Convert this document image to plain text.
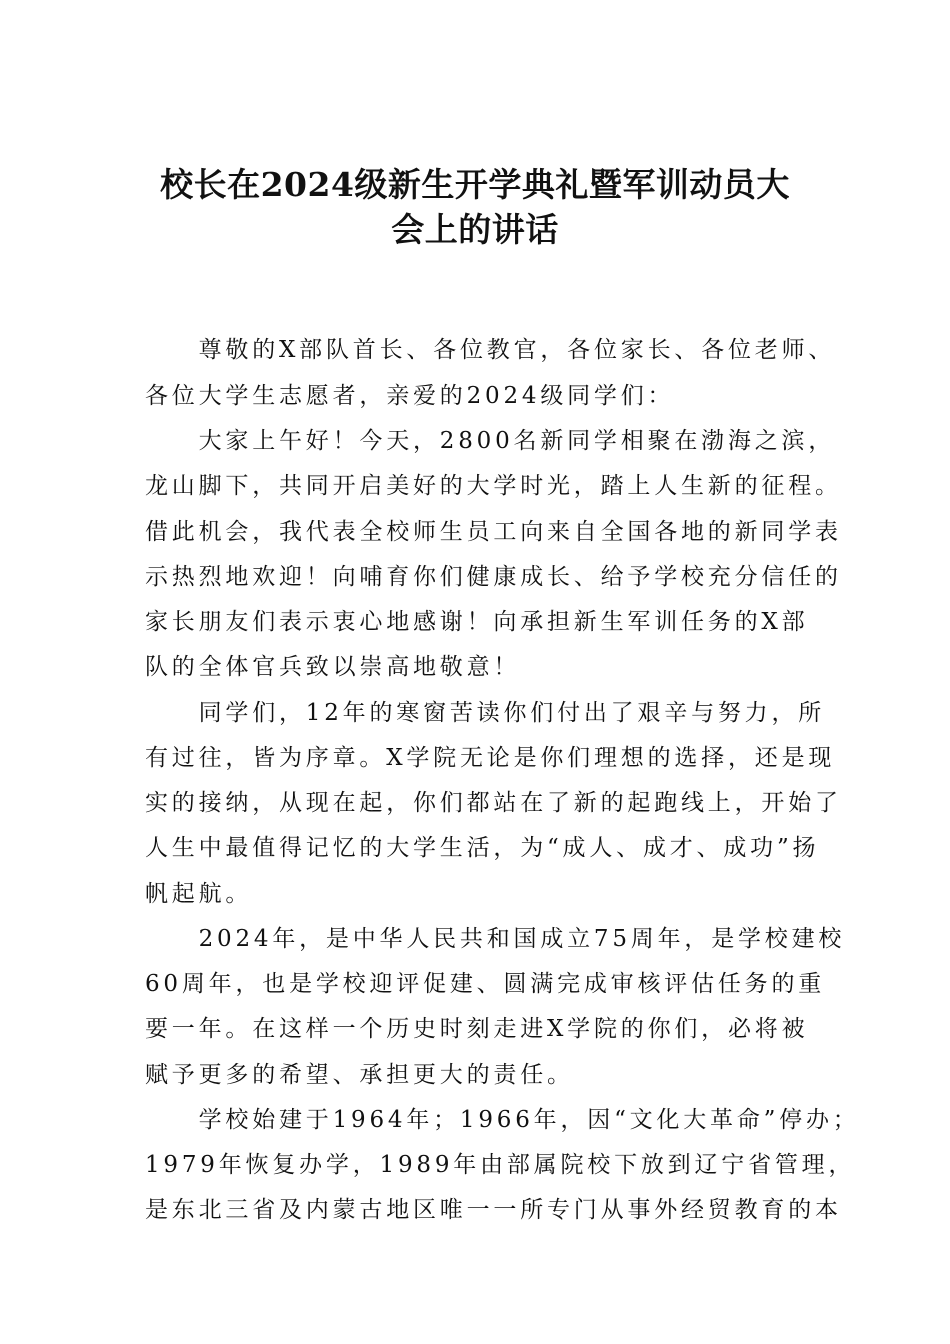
校长在2024级新生开学典礼暨军训动员大
会上的讲话
　　尊敬的X部队首长、各位教官，各位家长、各位老师、
各位大学生志愿者，亲爱的2024级同学们：
　　大家上午好！今天，2800名新同学相聚在渤海之滨，
龙山脚下，共同开启美好的大学时光，踏上人生新的征程。
借此机会，我代表全校师生员工向来自全国各地的新同学表
示热烈地欢迎！向哺育你们健康成长、给予学校充分信任的
家长朋友们表示衷心地感谢！向承担新生军训任务的X部
队的全体官兵致以崇高地敬意！
　　同学们，12年的寒窗苦读你们付出了艰辛与努力，所
有过往，皆为序章。X学院无论是你们理想的选择，还是现
实的接纳，从现在起，你们都站在了新的起跑线上，开始了
人生中最值得记忆的大学生活，为“成人、成才、成功”扬
帆起航。
　　2024年，是中华人民共和国成立75周年，是学校建校
60周年，也是学校迎评促建、圆满完成审核评估任务的重
要一年。在这样一个历史时刻走进X学院的你们，必将被
赋予更多的希望、承担更大的责任。
　　学校始建于1964年；1966年，因“文化大革命”停办；
1979年恢复办学，1989年由部属院校下放到辽宁省管理，
是东北三省及内蒙古地区唯一一所专门从事外经贸教育的本
